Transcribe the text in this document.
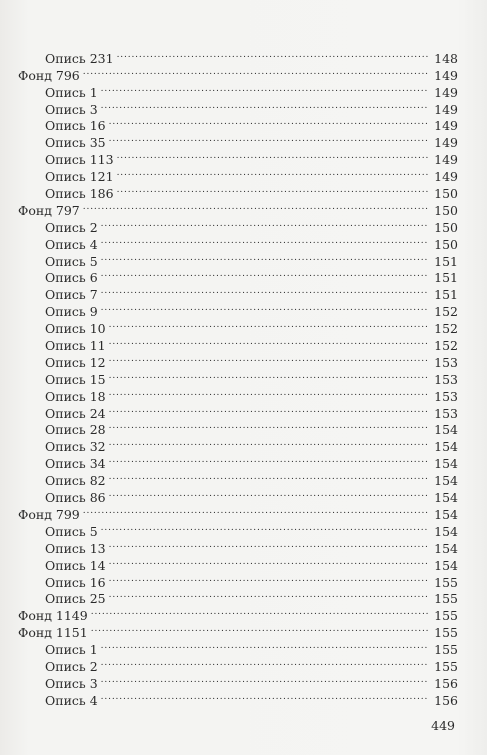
Опись 231 . . .	148
Фонд 796 . . .	149
Опись 1 . . .	149
Опись 3 . . .	149
Опись 16 . . .	149
Опись 35 . . .	149
Опись 113 . . .	149
Опись 121 . . .	149
Опись 186 . . .	150
Фонд 797 . . .	150
Опись 2 . . .	150
Опись 4 . . .	150
Опись 5 . . .	151
Опись 6 . . .	151
Опись 7 . . .	151
Опись 9 . . .	152
Опись 10 . . .	152
Опись 11 . . .	152
Опись 12 . . .	153
Опись 15 . . .	153
Опись 18 . . .	153
Опись 24 . . .	153
Опись 28 . . .	154
Опись 32 . . .	154
Опись 34 . . .	154
Опись 82 . . .	154
Опись 86 . . .	154
Фонд 799 . . .	154
Опись 5 . . .	154
Опись 13 . . .	154
Опись 14 . . .	154
Опись 16 . . .	155
Опись 25 . . .	155
Фонд 1149 . . .	155
Фонд 1151 . . .	155
Опись 1 . . .	155
Опись 2 . . .	155
Опись 3 . . .	156
Опись 4 . . .	156
449
